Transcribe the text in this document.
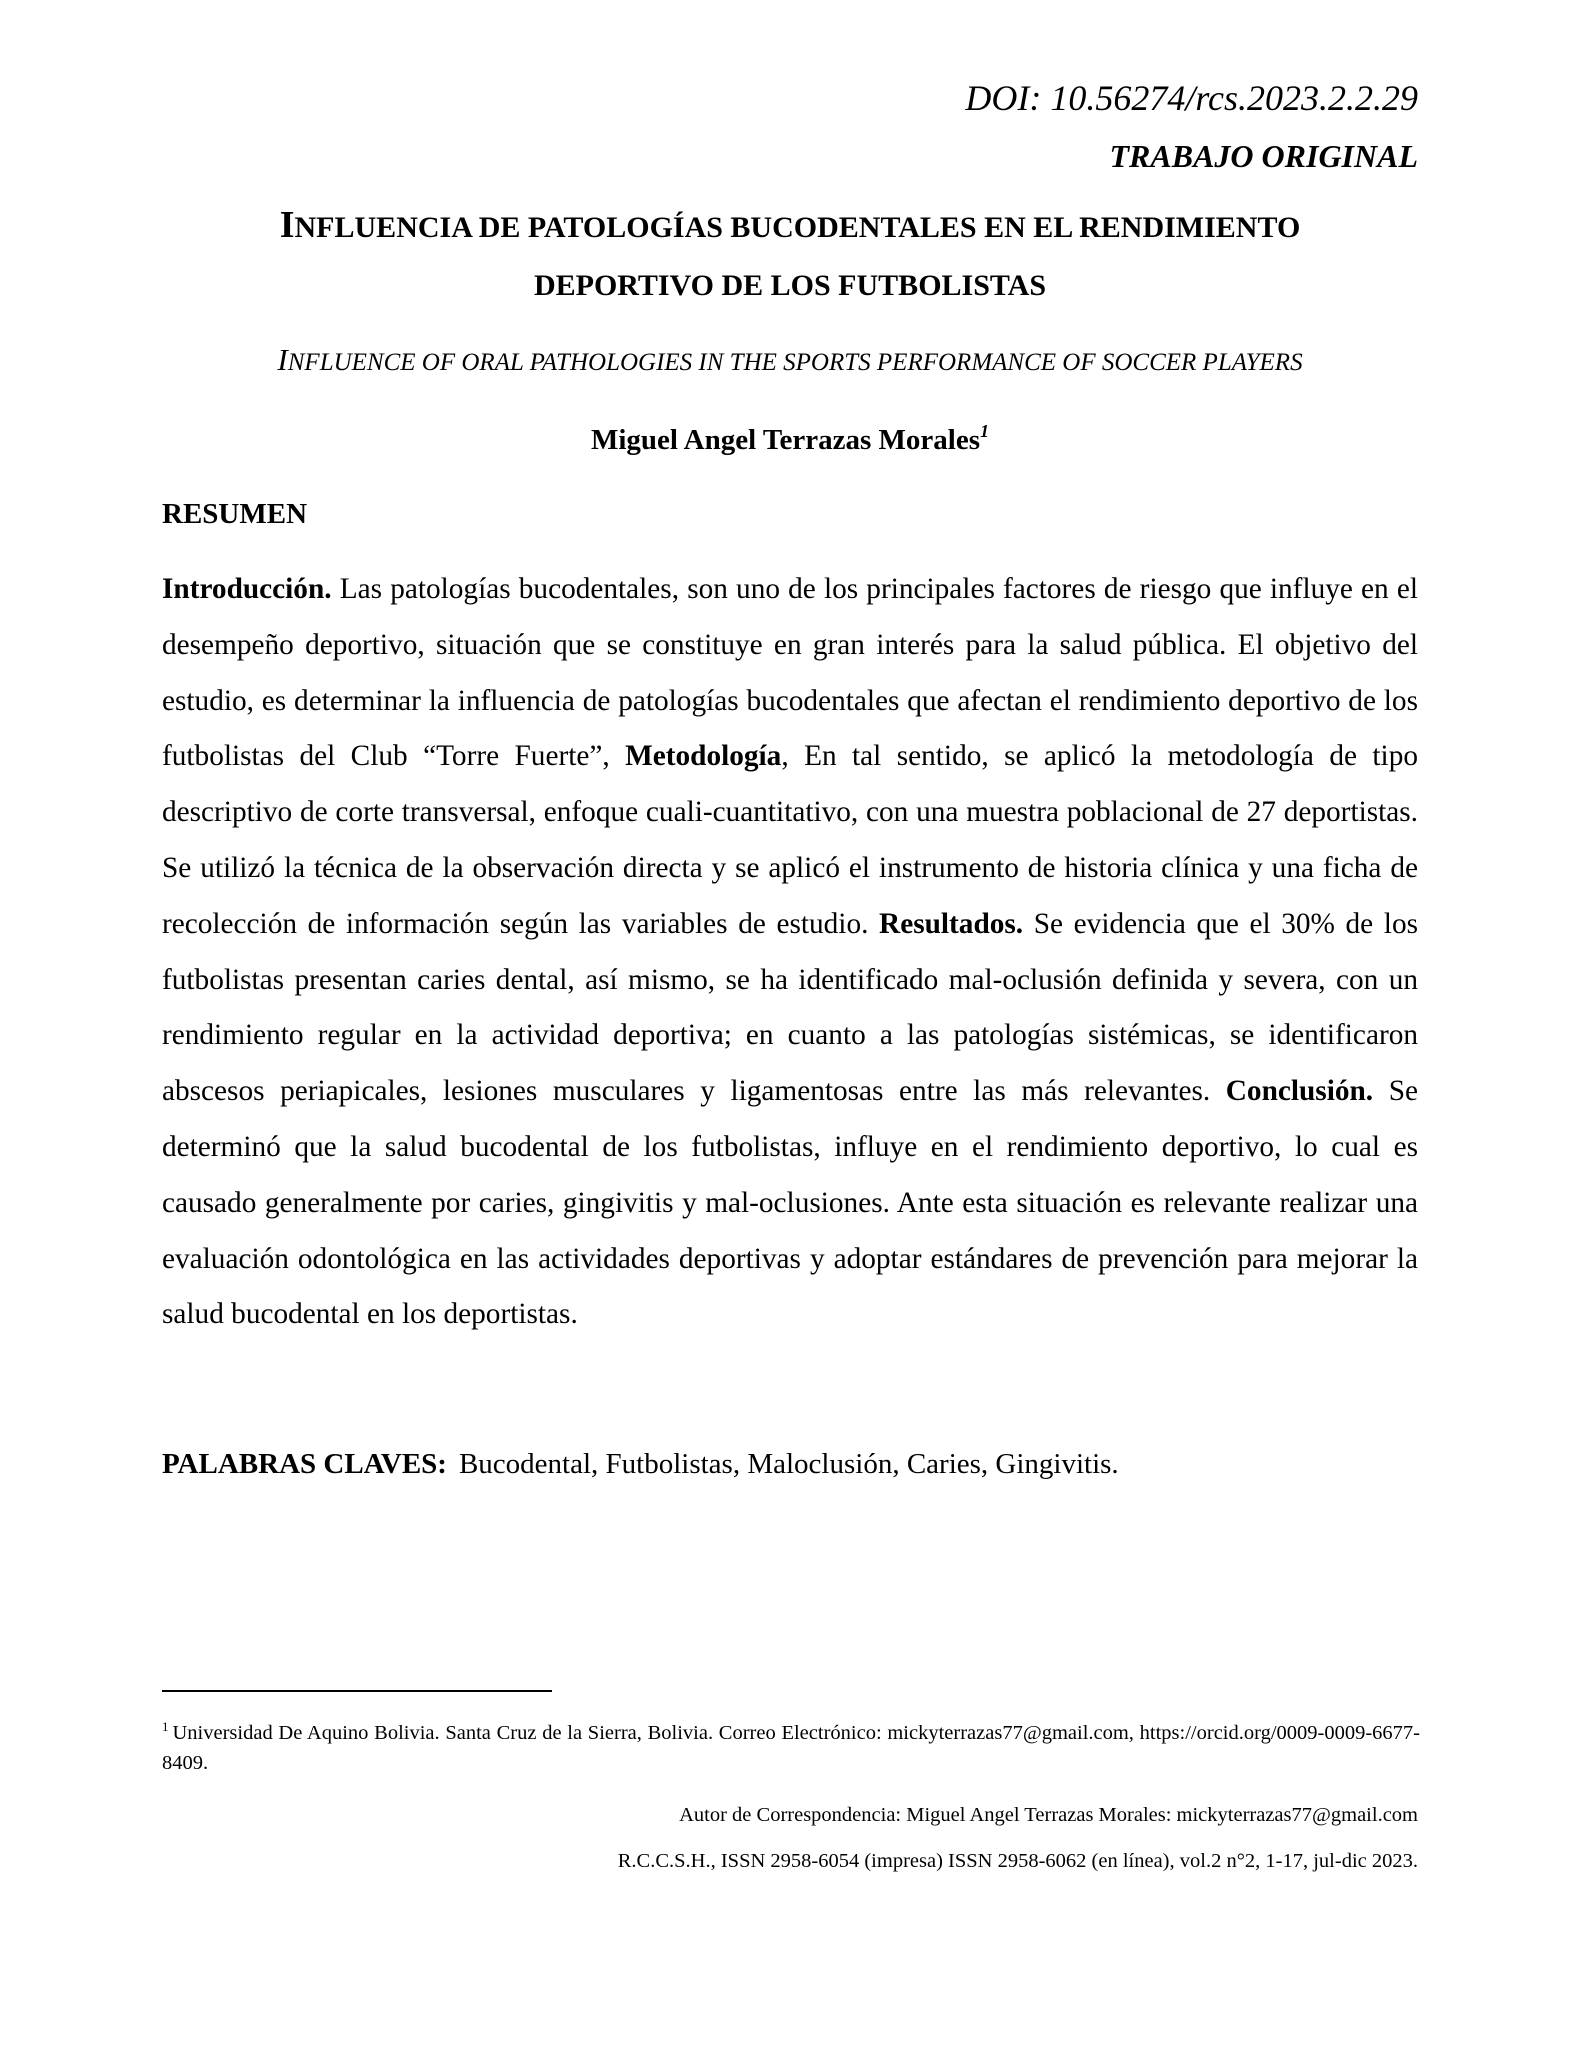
DOI: 10.56274/rcs.2023.2.2.29
TRABAJO ORIGINAL
INFLUENCIA DE PATOLOGÍAS BUCODENTALES EN EL RENDIMIENTO
DEPORTIVO DE LOS FUTBOLISTAS
INFLUENCE OF ORAL PATHOLOGIES IN THE SPORTS PERFORMANCE OF SOCCER PLAYERS
Miguel Angel Terrazas Morales$^1$
RESUMEN
Introducción. Las patologías bucodentales, son uno de los principales factores de riesgo que influye en el desempeño deportivo, situación que se constituye en gran interés para la salud pública. El objetivo del estudio, es determinar la influencia de patologías bucodentales que afectan el rendimiento deportivo de los futbolistas del Club “Torre Fuerte”, Metodología, En tal sentido, se aplicó la metodología de tipo descriptivo de corte transversal, enfoque cuali-cuantitativo, con una muestra poblacional de 27 deportistas. Se utilizó la técnica de la observación directa y se aplicó el instrumento de historia clínica y una ficha de recolección de información según las variables de estudio. Resultados. Se evidencia que el 30% de los futbolistas presentan caries dental, así mismo, se ha identificado mal-oclusión definida y severa, con un rendimiento regular en la actividad deportiva; en cuanto a las patologías sistémicas, se identificaron abscesos periapicales, lesiones musculares y ligamentosas entre las más relevantes. Conclusión. Se determinó que la salud bucodental de los futbolistas, influye en el rendimiento deportivo, lo cual es causado generalmente por caries, gingivitis y mal-oclusiones. Ante esta situación es relevante realizar una evaluación odontológica en las actividades deportivas y adoptar estándares de prevención para mejorar la salud bucodental en los deportistas.
PALABRAS CLAVES: Bucodental, Futbolistas, Maloclusión, Caries, Gingivitis.
$^1$ Universidad De Aquino Bolivia. Santa Cruz de la Sierra, Bolivia. Correo Electrónico: mickyterrazas77@gmail.com, https://orcid.org/0009-0009-6677-8409.
Autor de Correspondencia: Miguel Angel Terrazas Morales: mickyterrazas77@gmail.com
R.C.C.S.H., ISSN 2958-6054 (impresa) ISSN 2958-6062 (en línea), vol.2 n°2, 1-17, jul-dic 2023.
